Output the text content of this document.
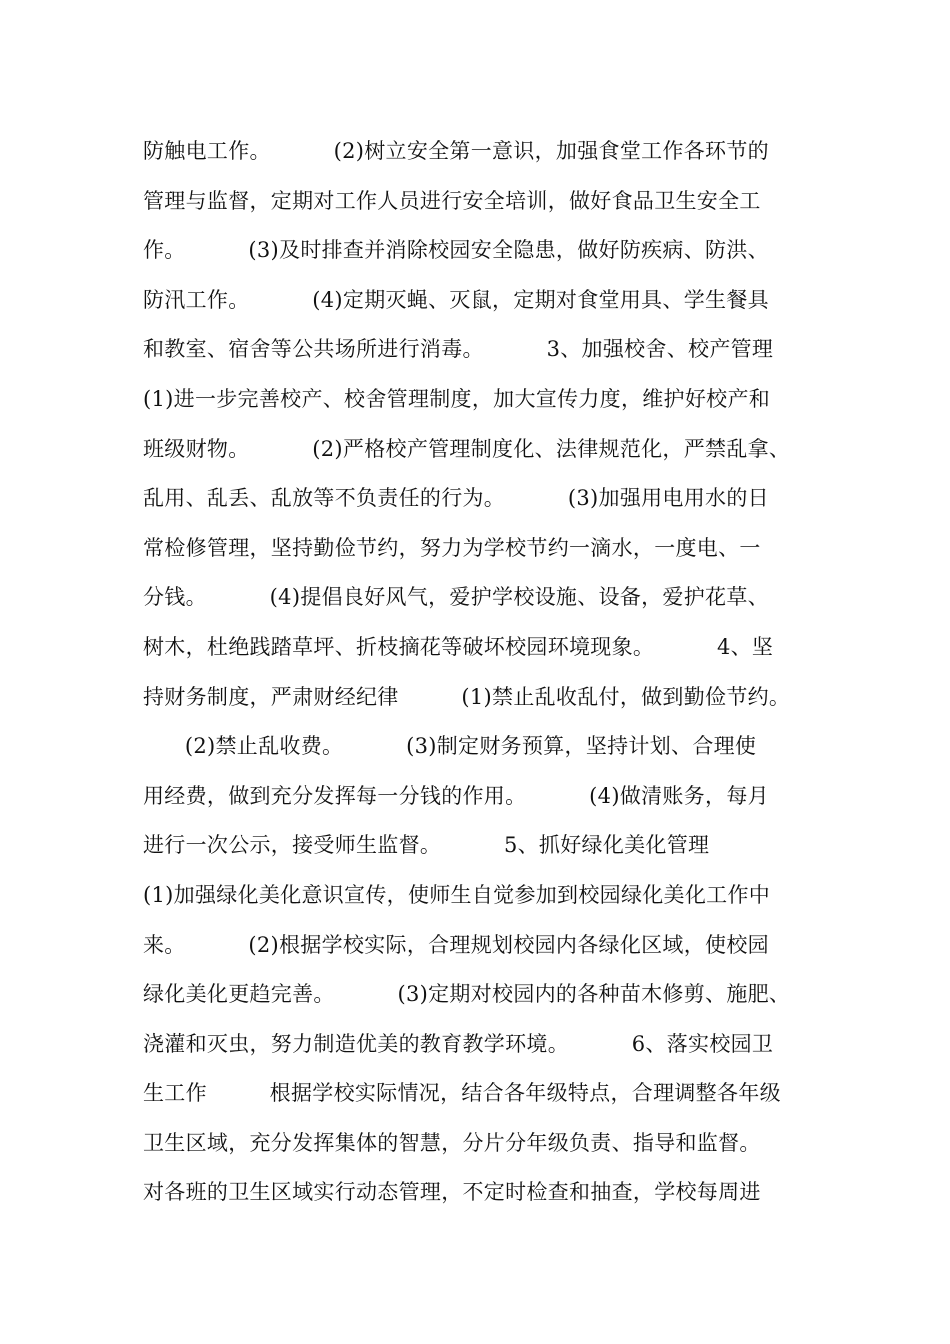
防触电工作。         (2)树立安全第一意识，加强食堂工作各环节的
管理与监督，定期对工作人员进行安全培训，做好食品卫生安全工
作。         (3)及时排查并消除校园安全隐患，做好防疾病、防洪、
防汛工作。         (4)定期灭蝇、灭鼠，定期对食堂用具、学生餐具
和教室、宿舍等公共场所进行消毒。         3、加强校舍、校产管理
(1)进一步完善校产、校舍管理制度，加大宣传力度，维护好校产和
班级财物。         (2)严格校产管理制度化、法律规范化，严禁乱拿、
乱用、乱丢、乱放等不负责任的行为。         (3)加强用电用水的日
常检修管理，坚持勤俭节约，努力为学校节约一滴水，一度电、一
分钱。         (4)提倡良好风气，爱护学校设施、设备，爱护花草、
树木，杜绝践踏草坪、折枝摘花等破坏校园环境现象。         4、坚
持财务制度，严肃财经纪律         (1)禁止乱收乱付，做到勤俭节约。
(2)禁止乱收费。         (3)制定财务预算，坚持计划、合理使
用经费，做到充分发挥每一分钱的作用。         (4)做清账务，每月
进行一次公示，接受师生监督。         5、抓好绿化美化管理
(1)加强绿化美化意识宣传，使师生自觉参加到校园绿化美化工作中
来。         (2)根据学校实际，合理规划校园内各绿化区域，使校园
绿化美化更趋完善。         (3)定期对校园内的各种苗木修剪、施肥、
浇灌和灭虫，努力制造优美的教育教学环境。         6、落实校园卫
生工作         根据学校实际情况，结合各年级特点，合理调整各年级
卫生区域，充分发挥集体的智慧，分片分年级负责、指导和监督。
对各班的卫生区域实行动态管理，不定时检查和抽查，学校每周进
